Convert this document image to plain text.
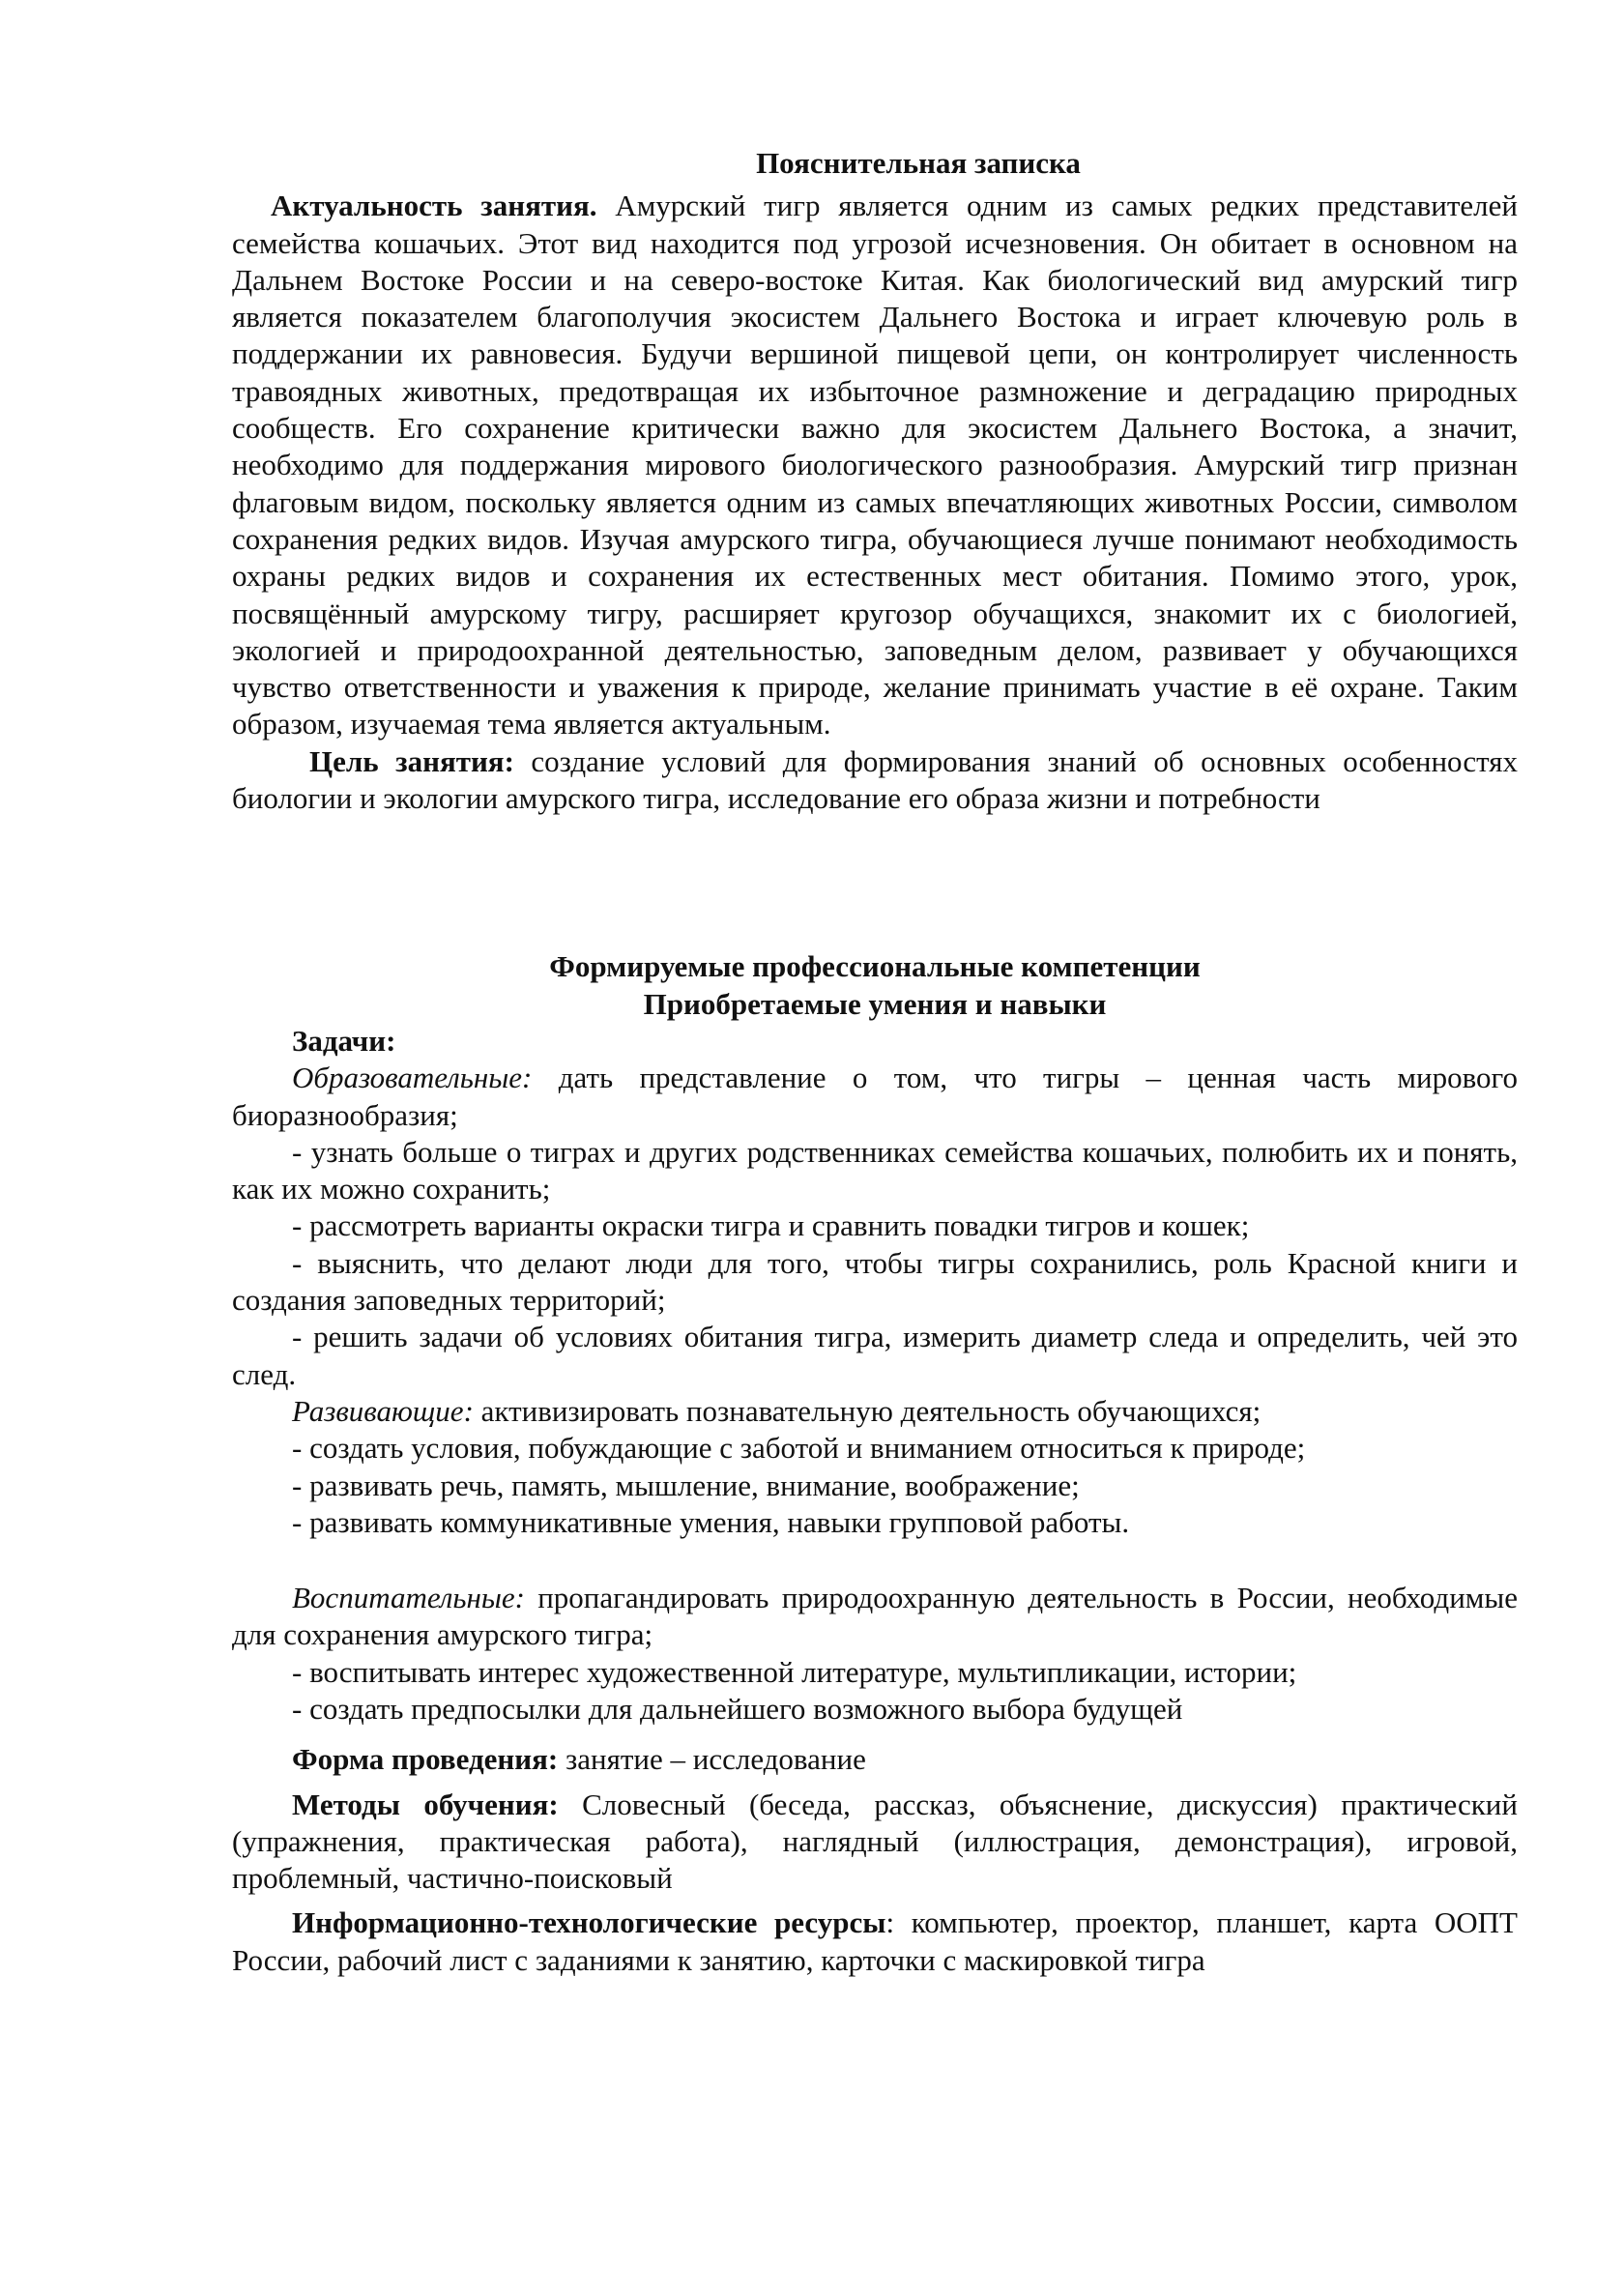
Пояснительная записка

Актуальность занятия. Амурский тигр является одним из самых редких представителей семейства кошачьих. Этот вид находится под угрозой исчезновения. Он обитает в основном на Дальнем Востоке России и на северо-востоке Китая. Как биологический вид амурский тигр является показателем благополучия экосистем Дальнего Востока и играет ключевую роль в поддержании их равновесия. Будучи вершиной пищевой цепи, он контролирует численность травоядных животных, предотвращая их избыточное размножение и деградацию природных сообществ. Его сохранение критически важно для экосистем Дальнего Востока, а значит, необходимо для поддержания мирового биологического разнообразия. Амурский тигр признан флаговым видом, поскольку является одним из самых впечатляющих животных России, символом сохранения редких видов. Изучая амурского тигра, обучающиеся лучше понимают необходимость охраны редких видов и сохранения их естественных мест обитания. Помимо этого, урок, посвящённый амурскому тигру, расширяет кругозор обучащихся, знакомит их с биологией, экологией и природоохранной деятельностью, заповедным делом, развивает у обучающихся чувство ответственности и уважения к природе, желание принимать участие в её охране. Таким образом, изучаемая тема является актуальным.

Цель занятия: создание условий для формирования знаний об основных особенностях биологии и экологии амурского тигра, исследование его образа жизни и потребности

Формируемые профессиональные компетенции

Приобретаемые умения и навыки

Задачи:

Образовательные: дать представление о том, что тигры – ценная часть мирового биоразнообразия;

- узнать больше о тиграх и других родственниках семейства кошачьих, полюбить их и понять, как их можно сохранить;

- рассмотреть варианты окраски тигра и сравнить повадки тигров и кошек;

- выяснить, что делают люди для того, чтобы тигры сохранились, роль Красной книги и создания заповедных территорий;

- решить задачи об условиях обитания тигра, измерить диаметр следа и определить, чей это след.

Развивающие: активизировать познавательную деятельность обучающихся;

- создать условия, побуждающие с заботой и вниманием относиться к природе;

- развивать речь, память, мышление, внимание, воображение;

- развивать коммуникативные умения, навыки групповой работы.

Воспитательные: пропагандировать природоохранную деятельность в России, необходимые для сохранения амурского тигра;

- воспитывать интерес художественной литературе, мультипликации, истории;

- создать предпосылки для дальнейшего возможного выбора будущей

Форма проведения: занятие – исследование

Методы обучения: Словесный (беседа, рассказ, объяснение, дискуссия) практический (упражнения, практическая работа), наглядный (иллюстрация, демонстрация), игровой, проблемный, частично-поисковый

Информационно-технологические ресурсы: компьютер, проектор, планшет, карта ООПТ России, рабочий лист с заданиями к занятию, карточки с маскировкой тигра
